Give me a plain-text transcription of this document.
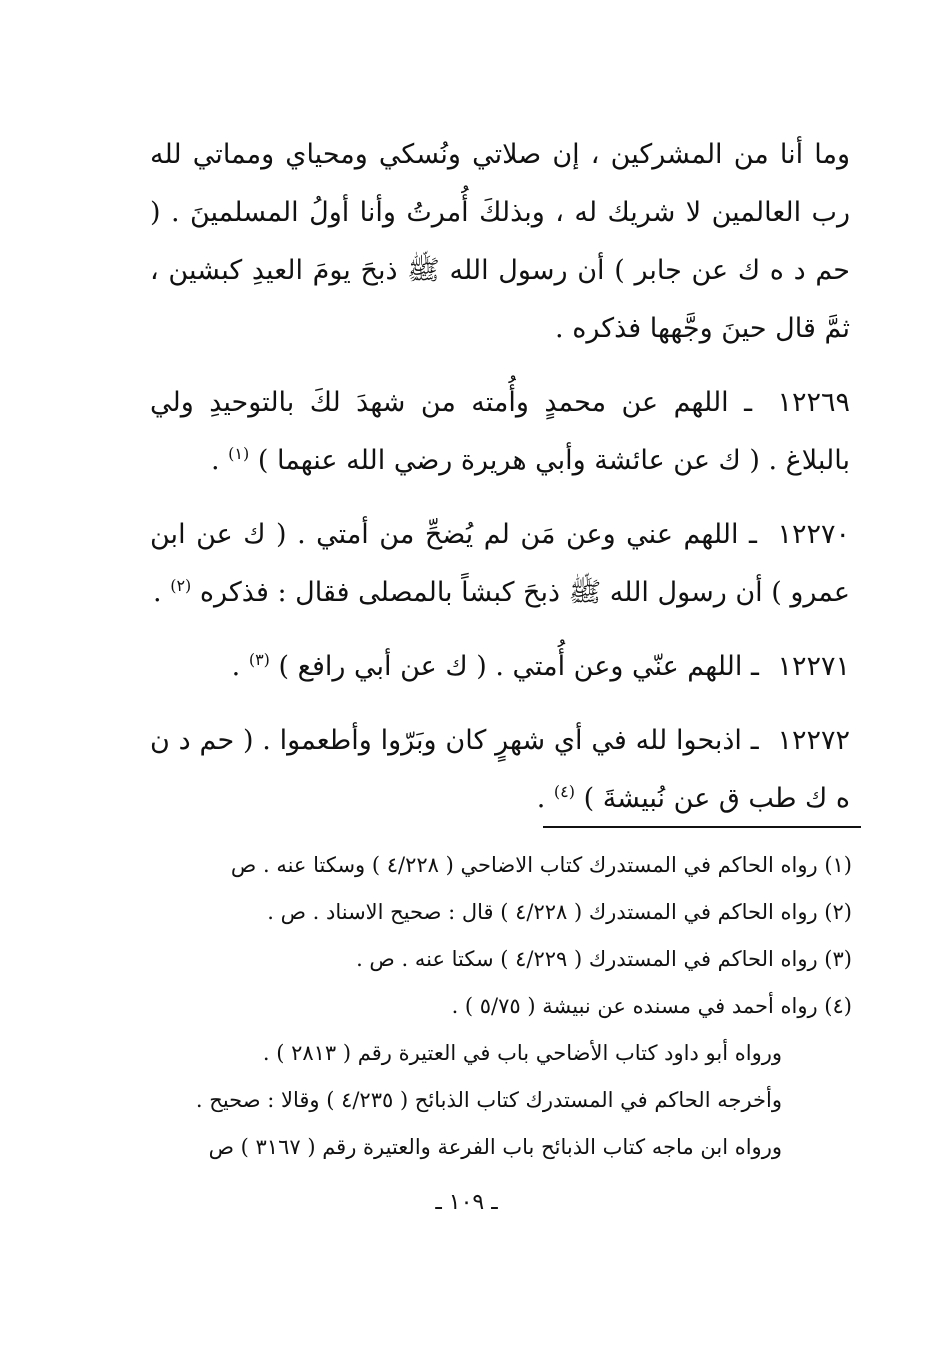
وما أنا من المشركين ، إن صلاتي ونُسكي ومحياي ومماتي لله رب العالمين لا شريك له ، وبذلكَ أُمرتُ وأنا أولُ المسلمينَ . ( حم د ه ك عن جابر ) أن رسول الله ﷺ ذبحَ يومَ العيدِ كبشين ، ثمَّ قال حينَ وجَّهها فذكره .

١٢٢٦٩ ـ اللهم عن محمدٍ وأُمته من شهدَ لكَ بالتوحيدِ ولي بالبلاغ . ( ك عن عائشة وأبي هريرة رضي الله عنهما ) $^{(١)}$ .

١٢٢٧٠ ـ اللهم عني وعن مَن لم يُضحِّ من أمتي . ( ك عن ابن عمرو ) أن رسول الله ﷺ ذبحَ كبشاً بالمصلى فقال : فذكره $^{(٢)}$ .

١٢٢٧١ ـ اللهم عنّي وعن أُمتي . ( ك عن أبي رافع ) $^{(٣)}$ .

١٢٢٧٢ ـ اذبحوا لله في أي شهرٍ كان وبَرّوا وأطعموا . ( حم د ن ه ك طب ق عن نُبيشةَ ) $^{(٤)}$ .

(١) رواه الحاكم في المستدرك كتاب الاضاحي ( ٤/٢٢٨ ) وسكتا عنه . ص

(٢) رواه الحاكم في المستدرك ( ٤/٢٢٨ ) قال : صحيح الاسناد . ص .

(٣) رواه الحاكم في المستدرك ( ٤/٢٢٩ ) سكتا عنه . ص .

(٤) رواه أحمد في مسنده عن نبيشة ( ٥/٧٥ ) .

ورواه أبو داود كتاب الأضاحي باب في العتيرة رقم ( ٢٨١٣ ) .

وأخرجه الحاكم في المستدرك كتاب الذبائح ( ٤/٢٣٥ ) وقالا : صحيح .

ورواه ابن ماجه كتاب الذبائح باب الفرعة والعتيرة رقم ( ٣١٦٧ ) ص

ـ ١٠٩ ـ
